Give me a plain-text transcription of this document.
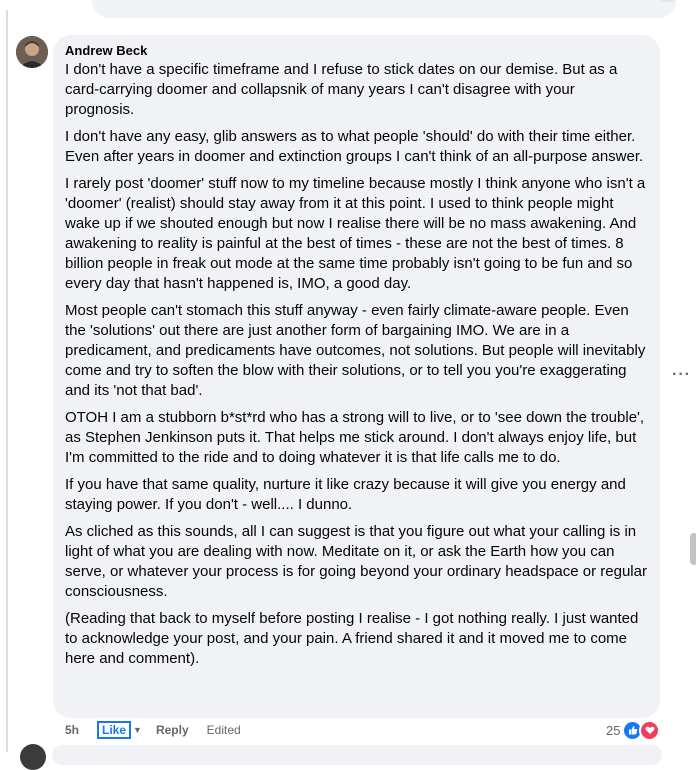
Andrew Beck

I don't have a specific timeframe and I refuse to stick dates on our demise. But as a card-carrying doomer and collapsnik of many years I can't disagree with your prognosis.

I don't have any easy, glib answers as to what people 'should' do with their time either. Even after years in doomer and extinction groups I can't think of an all-purpose answer.

I rarely post 'doomer' stuff now to my timeline because mostly I think anyone who isn't a 'doomer' (realist) should stay away from it at this point. I used to think people might wake up if we shouted enough but now I realise there will be no mass awakening. And awakening to reality is painful at the best of times - these are not the best of times. 8 billion people in freak out mode at the same time probably isn't going to be fun and so every day that hasn't happened is, IMO, a good day.

Most people can't stomach this stuff anyway - even fairly climate-aware people. Even the 'solutions' out there are just another form of bargaining IMO. We are in a predicament, and predicaments have outcomes, not solutions. But people will inevitably come and try to soften the blow with their solutions, or to tell you you're exaggerating and its 'not that bad'.

OTOH I am a stubborn b*st*rd who has a strong will to live, or to 'see down the trouble', as Stephen Jenkinson puts it. That helps me stick around. I don't always enjoy life, but I'm committed to the ride and to doing whatever it is that life calls me to do.

If you have that same quality, nurture it like crazy because it will give you energy and staying power. If you don't - well.... I dunno.

As cliched as this sounds, all I can suggest is that you figure out what your calling is in light of what you are dealing with now. Meditate on it, or ask the Earth how you can serve, or whatever your process is for going beyond your ordinary headspace or regular consciousness.

(Reading that back to myself before posting I realise - I got nothing really. I just wanted to acknowledge your post, and your pain. A friend shared it and it moved me to come here and comment).

···
5h	Like ▼ Reply Edited	25
